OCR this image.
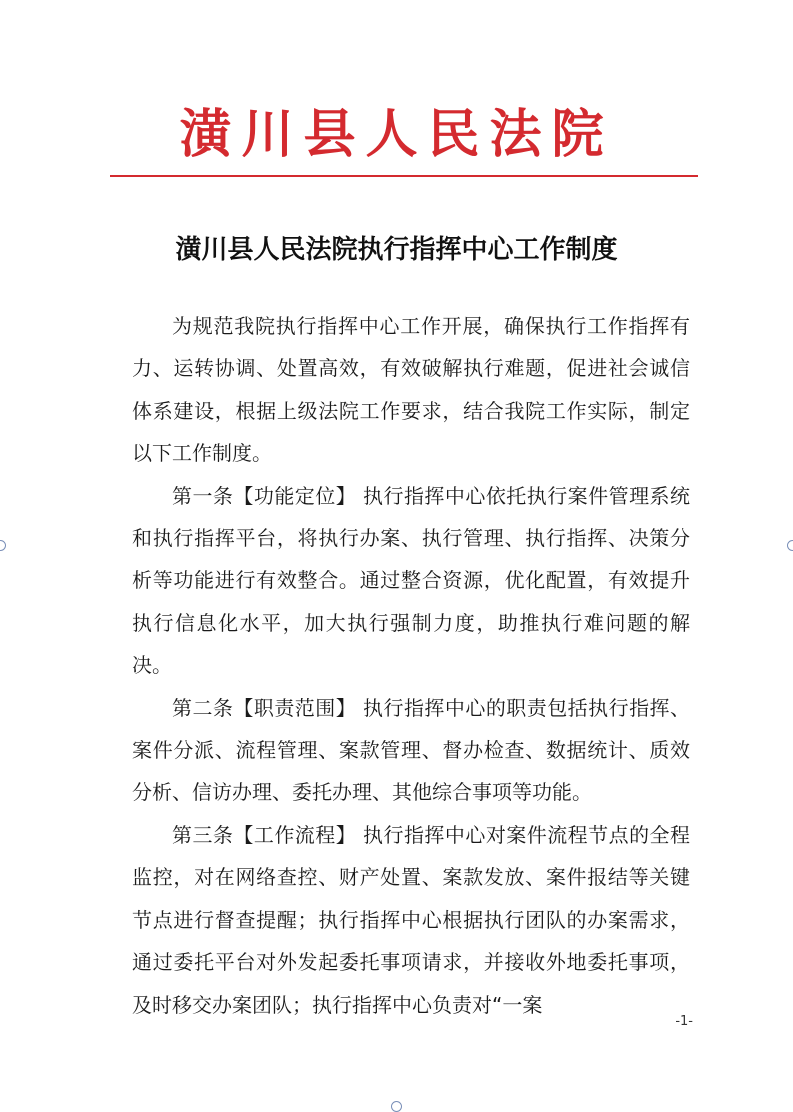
潢川县人民法院
潢川县人民法院执行指挥中心工作制度

为规范我院执行指挥中心工作开展，确保执行工作指挥有力、运转协调、处置高效，有效破解执行难题，促进社会诚信体系建设，根据上级法院工作要求，结合我院工作实际，制定以下工作制度。

第一条【功能定位】 执行指挥中心依托执行案件管理系统和执行指挥平台，将执行办案、执行管理、执行指挥、决策分析等功能进行有效整合。通过整合资源，优化配置，有效提升执行信息化水平，加大执行强制力度，助推执行难问题的解决。

第二条【职责范围】 执行指挥中心的职责包括执行指挥、案件分派、流程管理、案款管理、督办检查、数据统计、质效分析、信访办理、委托办理、其他综合事项等功能。

第三条【工作流程】 执行指挥中心对案件流程节点的全程监控，对在网络查控、财产处置、案款发放、案件报结等关键节点进行督查提醒；执行指挥中心根据执行团队的办案需求，通过委托平台对外发起委托事项请求，并接收外地委托事项，及时移交办案团队；执行指挥中心负责对“一案

-1-
